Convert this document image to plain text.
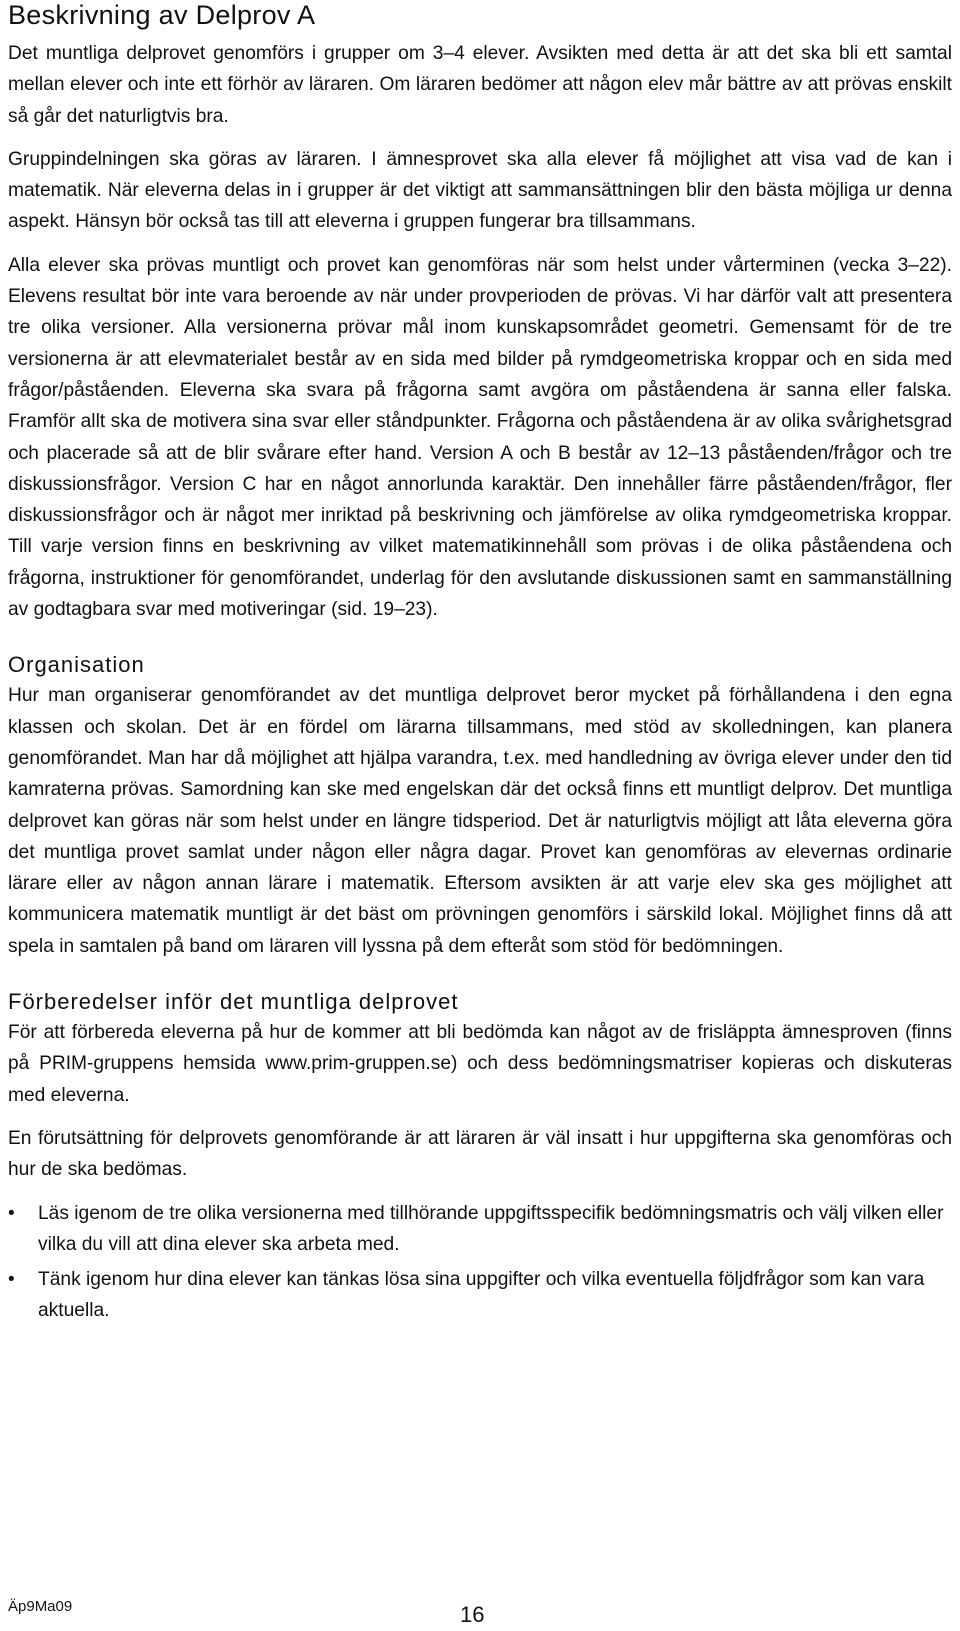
Beskrivning av Delprov A

Det muntliga delprovet genomförs i grupper om 3–4 elever. Avsikten med detta är att det ska bli ett samtal mellan elever och inte ett förhör av läraren. Om läraren bedömer att någon elev mår bättre av att prövas enskilt så går det naturligtvis bra.

Gruppindelningen ska göras av läraren. I ämnesprovet ska alla elever få möjlighet att visa vad de kan i matematik. När eleverna delas in i grupper är det viktigt att sammansättningen blir den bästa möjliga ur denna aspekt. Hänsyn bör också tas till att eleverna i gruppen fungerar bra tillsammans.

Alla elever ska prövas muntligt och provet kan genomföras när som helst under vårterminen (vecka 3–22). Elevens resultat bör inte vara beroende av när under provperioden de prövas. Vi har därför valt att presentera tre olika versioner. Alla versionerna prövar mål inom kunskapsområdet geometri. Gemensamt för de tre versionerna är att elevmaterialet består av en sida med bilder på rymdgeometriska kroppar och en sida med frågor/påståenden. Eleverna ska svara på frågorna samt avgöra om påståendena är sanna eller falska. Framför allt ska de motivera sina svar eller ståndpunkter. Frågorna och påståendena är av olika svårighetsgrad och placerade så att de blir svårare efter hand. Version A och B består av 12–13 påståenden/frågor och tre diskussionsfrågor. Version C har en något annorlunda karaktär. Den innehåller färre påståenden/frågor, fler diskussionsfrågor och är något mer inriktad på beskrivning och jämförelse av olika rymdgeometriska kroppar. Till varje version finns en beskrivning av vilket matematikinnehåll som prövas i de olika påståendena och frågorna, instruktioner för genomförandet, underlag för den avslutande diskussionen samt en sammanställning av godtagbara svar med motiveringar (sid. 19–23).

Organisation

Hur man organiserar genomförandet av det muntliga delprovet beror mycket på förhållandena i den egna klassen och skolan. Det är en fördel om lärarna tillsammans, med stöd av skolledningen, kan planera genomförandet. Man har då möjlighet att hjälpa varandra, t.ex. med handledning av övriga elever under den tid kamraterna prövas. Samordning kan ske med engelskan där det också finns ett muntligt delprov. Det muntliga delprovet kan göras när som helst under en längre tidsperiod. Det är naturligtvis möjligt att låta eleverna göra det muntliga provet samlat under någon eller några dagar. Provet kan genomföras av elevernas ordinarie lärare eller av någon annan lärare i matematik. Eftersom avsikten är att varje elev ska ges möjlighet att kommunicera matematik muntligt är det bäst om prövningen genomförs i särskild lokal. Möjlighet finns då att spela in samtalen på band om läraren vill lyssna på dem efteråt som stöd för bedömningen.

Förberedelser inför det muntliga delprovet

För att förbereda eleverna på hur de kommer att bli bedömda kan något av de frisläppta ämnesproven (finns på PRIM-gruppens hemsida www.prim-gruppen.se) och dess bedömningsmatriser kopieras och diskuteras med eleverna.

En förutsättning för delprovets genomförande är att läraren är väl insatt i hur uppgifterna ska genomföras och hur de ska bedömas.

• Läs igenom de tre olika versionerna med tillhörande uppgiftsspecifik bedömningsmatris och välj vilken eller vilka du vill att dina elever ska arbeta med.
• Tänk igenom hur dina elever kan tänkas lösa sina uppgifter och vilka eventuella följdfrågor som kan vara aktuella.
Äp9Ma09	16
